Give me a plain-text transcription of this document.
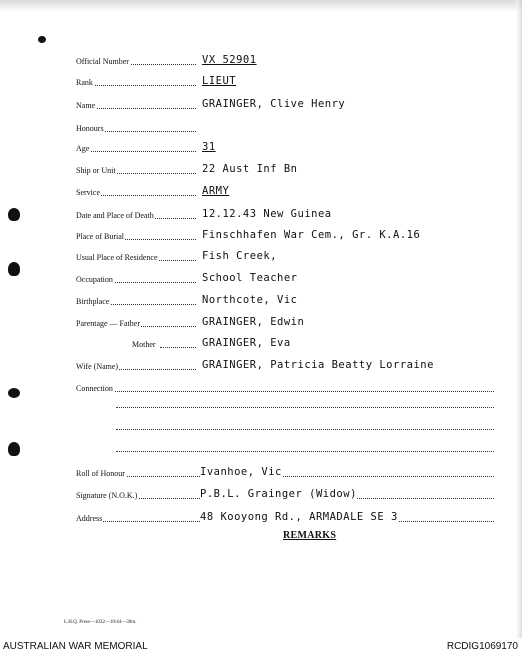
Official Number	VX 52901
Rank	LIEUT
Name	GRAINGER, Clive Henry
Honours
Age	31
Ship or Unit	22 Aust Inf Bn
Service	ARMY
Date and Place of Death	12.12.43 New Guinea
Place of Burial	Finschhafen War Cem., Gr. K.A.16
Usual Place of Residence	Fish Creek,
Occupation	School Teacher
Birthplace	Northcote, Vic
Parentage — Father	GRAINGER, Edwin
Mother	GRAINGER, Eva
Wife (Name)	GRAINGER, Patricia Beatty Lorraine
Connection
Roll of Honour	Ivanhoe, Vic
Signature (N.O.K.)	P.B.L. Grainger (Widow)
Address	48 Kooyong Rd., ARMADALE SE 3
REMARKS
L.H.Q. Press—1032—10/44—30m.
AUSTRALIAN WAR MEMORIAL	RCDIG1069170
